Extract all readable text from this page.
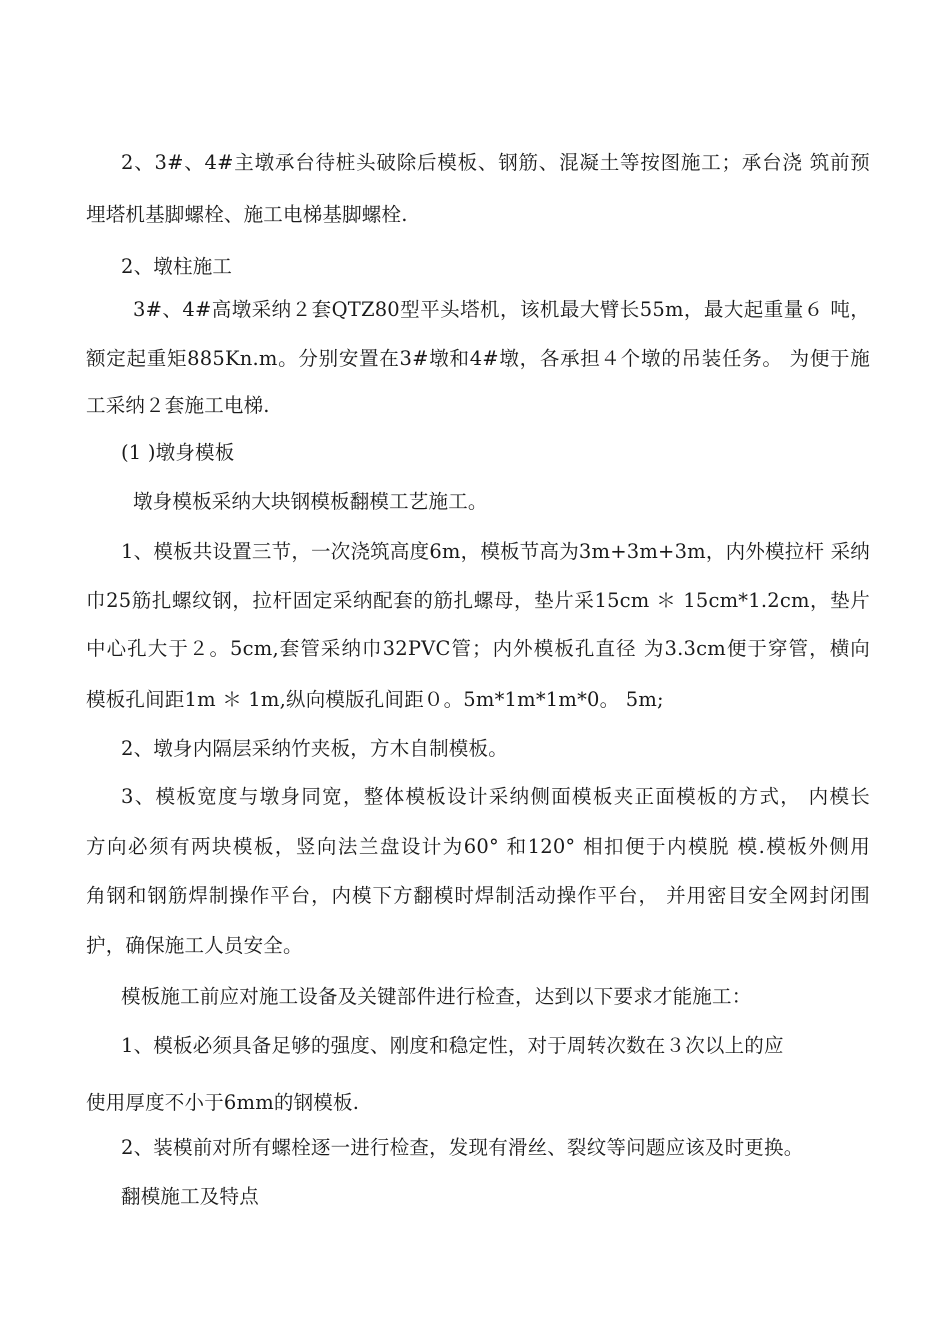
2、3#、4#主墩承台待桩头破除后模板、钢筋、混凝土等按图施工；承台浇 筑前预
埋塔机基脚螺栓、施工电梯基脚螺栓.
2、墩柱施工
3#、4#高墩采纳２套QTZ80型平头塔机，该机最大臂长55m，最大起重量６ 吨，
额定起重矩885Kn.m。分别安置在3#墩和4#墩，各承担４个墩的吊装任务。 为便于施
工采纳２套施工电梯.
(1 )墩身模板
墩身模板采纳大块钢模板翻模工艺施工。
1、模板共设置三节，一次浇筑高度6m，模板节高为3m+3m+3m，内外模拉杆 采纳
巾25筋扎螺纹钢，拉杆固定采纳配套的筋扎螺母，垫片采15cm ＊ 15cm*1.2cm，垫片
中心孔大于２。5cm,套管采纳巾32PVC管；内外模板孔直径 为3.3cm便于穿管，横向
模板孔间距1m ＊ 1m,纵向模版孔间距０。5m*1m*1m*0。 5m;
2、墩身内隔层采纳竹夹板，方木自制模板。
3、模板宽度与墩身同宽，整体模板设计采纳侧面模板夹正面模板的方式， 内模长
方向必须有两块模板，竖向法兰盘设计为60° 和120° 相扣便于内模脱 模.模板外侧用
角钢和钢筋焊制操作平台，内模下方翻模时焊制活动操作平台， 并用密目安全网封闭围
护，确保施工人员安全。
模板施工前应对施工设备及关键部件进行检查，达到以下要求才能施工：
1、模板必须具备足够的强度、刚度和稳定性，对于周转次数在３次以上的应
使用厚度不小于6mm的钢模板.
2、装模前对所有螺栓逐一进行检查，发现有滑丝、裂纹等问题应该及时更换。
翻模施工及特点
